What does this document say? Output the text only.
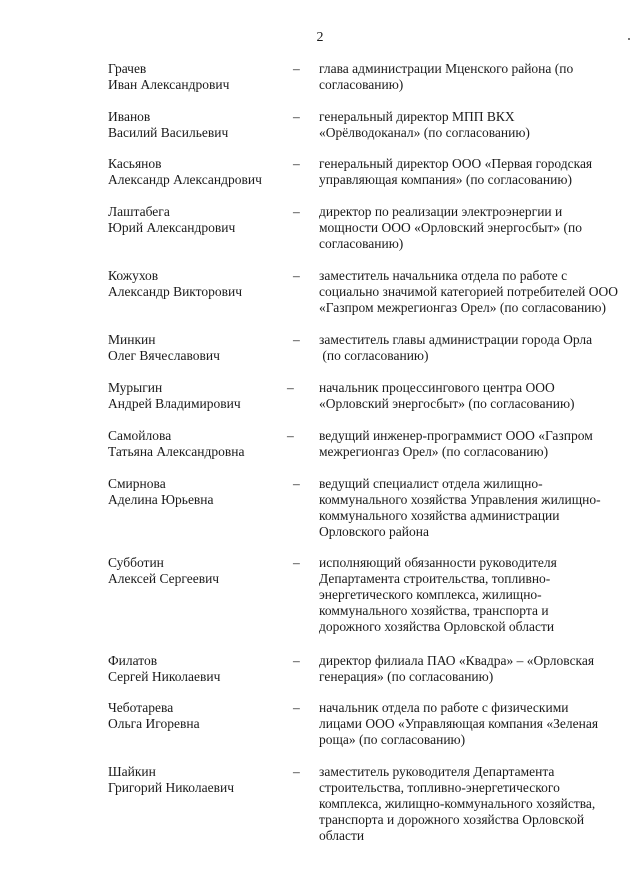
2
Грачев
Иван Александрович
– глава администрации Мценского района (по
согласованию)
Иванов
Василий Васильевич
– генеральный директор МПП ВКХ
«Орёлводоканал» (по согласованию)
Касьянов
Александр Александрович
– генеральный директор ООО «Первая городская
управляющая компания» (по согласованию)
Лаштабега
Юрий Александрович
– директор по реализации электроэнергии и
мощности ООО «Орловский энергосбыт» (по
согласованию)
Кожухов
Александр Викторович
– заместитель начальника отдела по работе с
социально значимой категорией потребителей ООО
«Газпром межрегионгаз Орел» (по согласованию)
Минкин
Олег Вячеславович
– заместитель главы администрации города Орла
(по согласованию)
Мурыгин
Андрей Владимирович
– начальник процессингового центра ООО
«Орловский энергосбыт» (по согласованию)
Самойлова
Татьяна Александровна
– ведущий инженер-программист ООО «Газпром
межрегионгаз Орел» (по согласованию)
Смирнова
Аделина Юрьевна
– ведущий специалист отдела жилищно-
коммунального хозяйства Управления жилищно-
коммунального хозяйства администрации
Орловского района
Субботин
Алексей Сергеевич
– исполняющий обязанности руководителя
Департамента строительства, топливно-
энергетического комплекса, жилищно-
коммунального хозяйства, транспорта и
дорожного хозяйства Орловской области
Филатов
Сергей Николаевич
– директор филиала ПАО «Квадра» – «Орловская
генерация» (по согласованию)
Чеботарева
Ольга Игоревна
– начальник отдела по работе с физическими
лицами ООО «Управляющая компания «Зеленая
роща» (по согласованию)
Шайкин
Григорий Николаевич
– заместитель руководителя Департамента
строительства, топливно-энергетического
комплекса, жилищно-коммунального хозяйства,
транспорта и дорожного хозяйства Орловской
области
